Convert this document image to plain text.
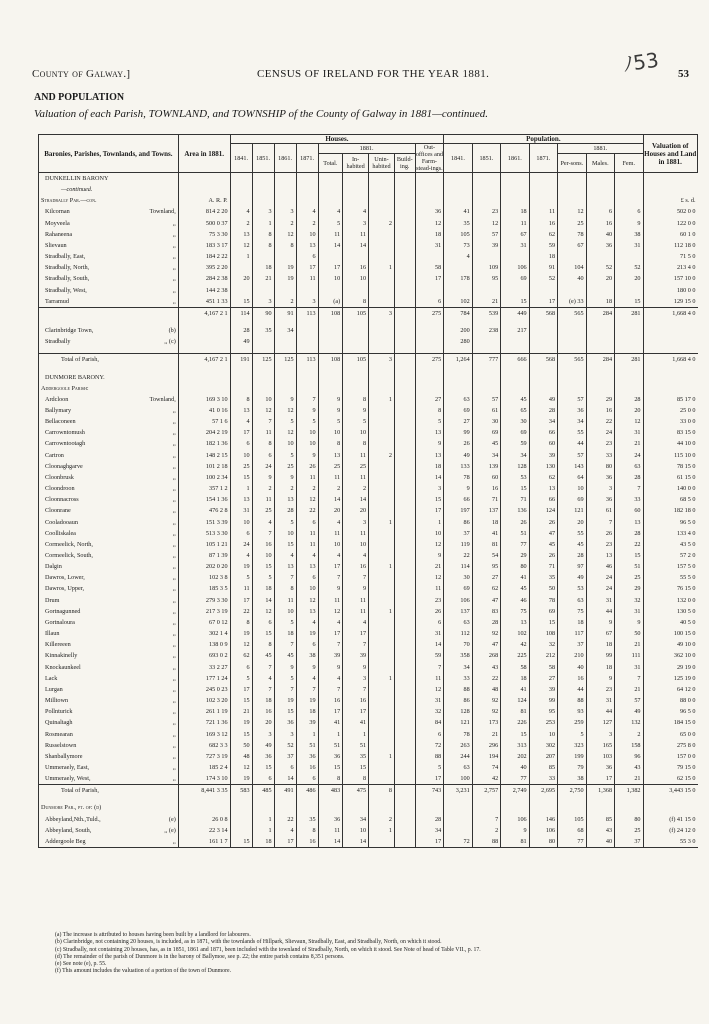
ﾉ53
County of Galway.]	CENSUS OF IRELAND FOR THE YEAR 1881.	53
AND POPULATION
Valuation of each Parish, TOWNLAND, and TOWNSHIP of the County of Galway in 1881—continued.
Baronies, Parishes, Townlands, and Towns.	Area in 1881.	Houses.									Population.							Valuation of Houses and Land in 1881.
		1841.	1851.	1861.	1871.	1881.				Out-offices and Farm-stead-ings.	1841.	1851.	1861.	1871.	1881.			
						Total.	In-habited	Unin-habited	Build-ing.						Per-sons.	Males.	Fem.	
DUNKELLIN BARONY																		
—continued.																		
Stradbally Par.—con.	A. R. P.																	£ s. d.

Townland,
Kilcornan	814 2 20	4	3	3	4	4	4			36	41	23	18	11	12	6	6	502 0 0

,,
Moyveela	500 0 37	2	1	2	2	5	3	2		12	35	12	11	16	25	16	9	122 0 0

,,
Rahaneena	75 3 30	13	8	12	10	11	11			18	105	57	67	62	78	40	38	60 1 0

,,
Slievaun	183 3 17	12	8	8	13	14	14			31	73	39	31	59	67	36	31	112 18 0

,,
Stradbally, East,	184 2 22	1			6						4			18				71 5 0

,,
Stradbally, North,	395 2 20		18	19	17	17	16	1		58		109	106	91	104	52	52	213 4 0

,,
Stradbally, South,	284 2 38	20	21	19	11	10	10			17	178	95	69	52	40	20	20	157 10 0

,,
Stradbally, West,	144 2 38																	180 0 0

,,
Tarramud	451 1 33	15	3	2	3	(a)	8			6	102	21	15	17	(e) 33	18	15	129 15 0
	4,167 2 1	114	90	91	113	108	105	3		275	784	539	449	568	565	284	281	1,668 4 0

(b)
Clarinbridge Town,		28	35	34							200	238	217					

,, (c)
Stradbally		49									280							

Total of Parish,	4,167 2 1	191	125	125	113	108	105	3		275	1,264	777	666	568	565	284	281	1,668 4 0

DUNMORE BARONY.																		
Addergoole Parish:																		

Townland,
Ardcloon	169 3 10	8	10	9	7	9	8	1		27	63	57	45	49	57	29	28	85 17 0

,,
Ballymary	41 0 16	13	12	12	9	9	9			8	69	61	65	28	36	16	20	25 0 0

,,
Bellaconeen	57 1 6	4	7	5	5	5	5			5	27	30	30	34	34	22	12	33 0 0

,,
Carrowntomush	204 2 19	17	11	12	10	10	10			13	99	69	69	66	55	24	31	83 15 0

,,
Carrowntootagh	182 1 36	6	8	10	10	8	8			9	26	45	59	60	44	23	21	44 10 0

,,
Cartron	148 2 15	10	6	5	9	13	11	2		13	49	34	34	39	57	33	24	115 10 0

,,
Cloonaghgarve	101 2 18	25	24	25	26	25	25			18	133	139	128	130	143	80	63	78 15 0

,,
Cloonbrusk	100 2 34	15	9	9	11	11	11			14	78	60	53	62	64	36	28	61 15 0

,,
Cloondroon	357 1 2	1	2	2	2	2	2			3	9	16	15	13	10	3	7	140 0 0

,,
Cloonnacross	154 1 36	13	11	13	12	14	14			15	66	71	71	66	69	36	33	68 5 0

,,
Cloonrane	476 2 8	31	25	28	22	20	20			17	197	137	136	124	121	61	60	182 18 0

,,
Cooladooaun	151 3 39	10	4	5	6	4	3	1		1	86	18	26	26	20	7	13	96 5 0

,,
Coolliskalea	513 3 30	6	7	10	11	11	11			10	37	41	51	47	55	26	28	133 4 0

,,
Cormeelick, North,	105 1 21	24	16	15	11	10	10			12	119	81	77	45	45	23	22	43 5 0

,,
Cormeelick, South,	87 1 39	4	10	4	4	4	4			9	22	54	29	26	28	13	15	57 2 0

,,
Dalgin	202 0 20	19	15	13	13	17	16	1		21	114	95	80	71	97	46	51	157 5 0

,,
Dawros, Lower,	102 3 8	5	5	7	6	7	7			12	30	27	41	35	49	24	25	55 5 0

,,
Dawros, Upper,	185 3 5	11	18	8	10	9	9			11	69	62	45	50	53	24	29	76 15 0

,,
Drum	279 3 30	17	14	11	12	11	11			23	106	47	46	78	63	31	32	132 0 0

,,
Gortnagunned	217 3 19	22	12	10	13	12	11	1		26	137	83	75	69	75	44	31	130 5 0

,,
Gortnaloura	67 0 12	8	6	5	4	4	4			6	63	28	13	15	18	9	9	40 5 0

,,
Illaun	302 1 4	19	15	18	19	17	17			31	112	92	102	108	117	67	50	100 15 0

,,
Killereeen	138 0 9	12	8	7	6	7	7			14	70	47	42	32	37	18	21	49 10 0

,,
Kinnakinelly	693 0 2	62	45	45	38	39	39			59	358	268	225	212	210	99	111	362 10 0

,,
Knockaunkeel	33 2 27	6	7	9	9	9	9			7	34	43	58	58	40	18	31	29 19 0

,,
Lack	177 1 24	5	4	5	4	4	3	1		11	33	22	18	27	16	9	7	125 19 0

,,
Lurgan	245 0 23	17	7	7	7	7	7			12	88	48	41	39	44	23	21	64 12 0

,,
Milltown	102 3 20	15	18	19	19	16	16			31	86	92	124	99	88	31	57	88 0 0

,,
Pollnturick	261 1 19	21	16	15	18	17	17			32	128	92	81	95	93	44	49	96 5 0

,,
Quinaltagh	721 1 36	19	20	36	39	41	41			84	121	173	226	253	259	127	132	184 15 0

,,
Rosmearan	169 3 12	15	3	3	1	1	1			6	78	21	15	10	5	3	2	65 0 0

,,
Russelstown	682 3 3	50	49	52	51	51	51			72	263	296	313	302	323	165	158	275 8 0

,,
Shanballymore	727 3 19	48	36	37	36	36	35	1		88	244	194	202	207	199	103	96	157 0 0

,,
Ummeraely, East,	185 2 4	12	15	6	16	15	15			5	63	74	40	85	79	36	43	79 15 0

,,
Ummeraely, West,	174 3 10	19	6	14	6	8	8			17	100	42	77	33	38	17	21	62 15 0
Total of Parish,	8,441 3 35	583	485	491	486	483	475	8		743	3,231	2,757	2,749	2,695	2,750	1,368	1,382	3,443 15 0

Dunmore Par., pt. of: (d)																		

(e)
Abbeyland,Nth.,Tuld.,	26 0 8		1	22	35	36	34	2		28		7	106	146	105	85	80	(f) 41 15 0

,, (e)
Abbeyland, South,	22 3 14		1	4	8	11	10	1		34		2	9	106	68	43	25	(f) 24 12 0

,,
Addergoole Beg	161 1 7	15	18	17	16	14	14			17	72	88	81	80	77	40	37	55 3 0
(a) The increase is attributed to houses having been built by a landlord for labourers.
(b) Clarinbridge, not containing 20 houses, is included, as in 1871, with the townlands of Hillpark, Slievaun, Stradbally, East, and Stradbally, North, on which it stood.
(c) Stradbally, not containing 20 houses, has, as in 1851, 1861 and 1871, been included with the townland of Stradbally, North, on which it stood. See Note of head of Table VII., p. 17.
(d) The remainder of the parish of Dunmore is in the barony of Ballymoe, see p. 22; the entire parish contains 8,351 persons.
(e) See note (e), p. 55.
(f) This amount includes the valuation of a portion of the town of Dunmore.
